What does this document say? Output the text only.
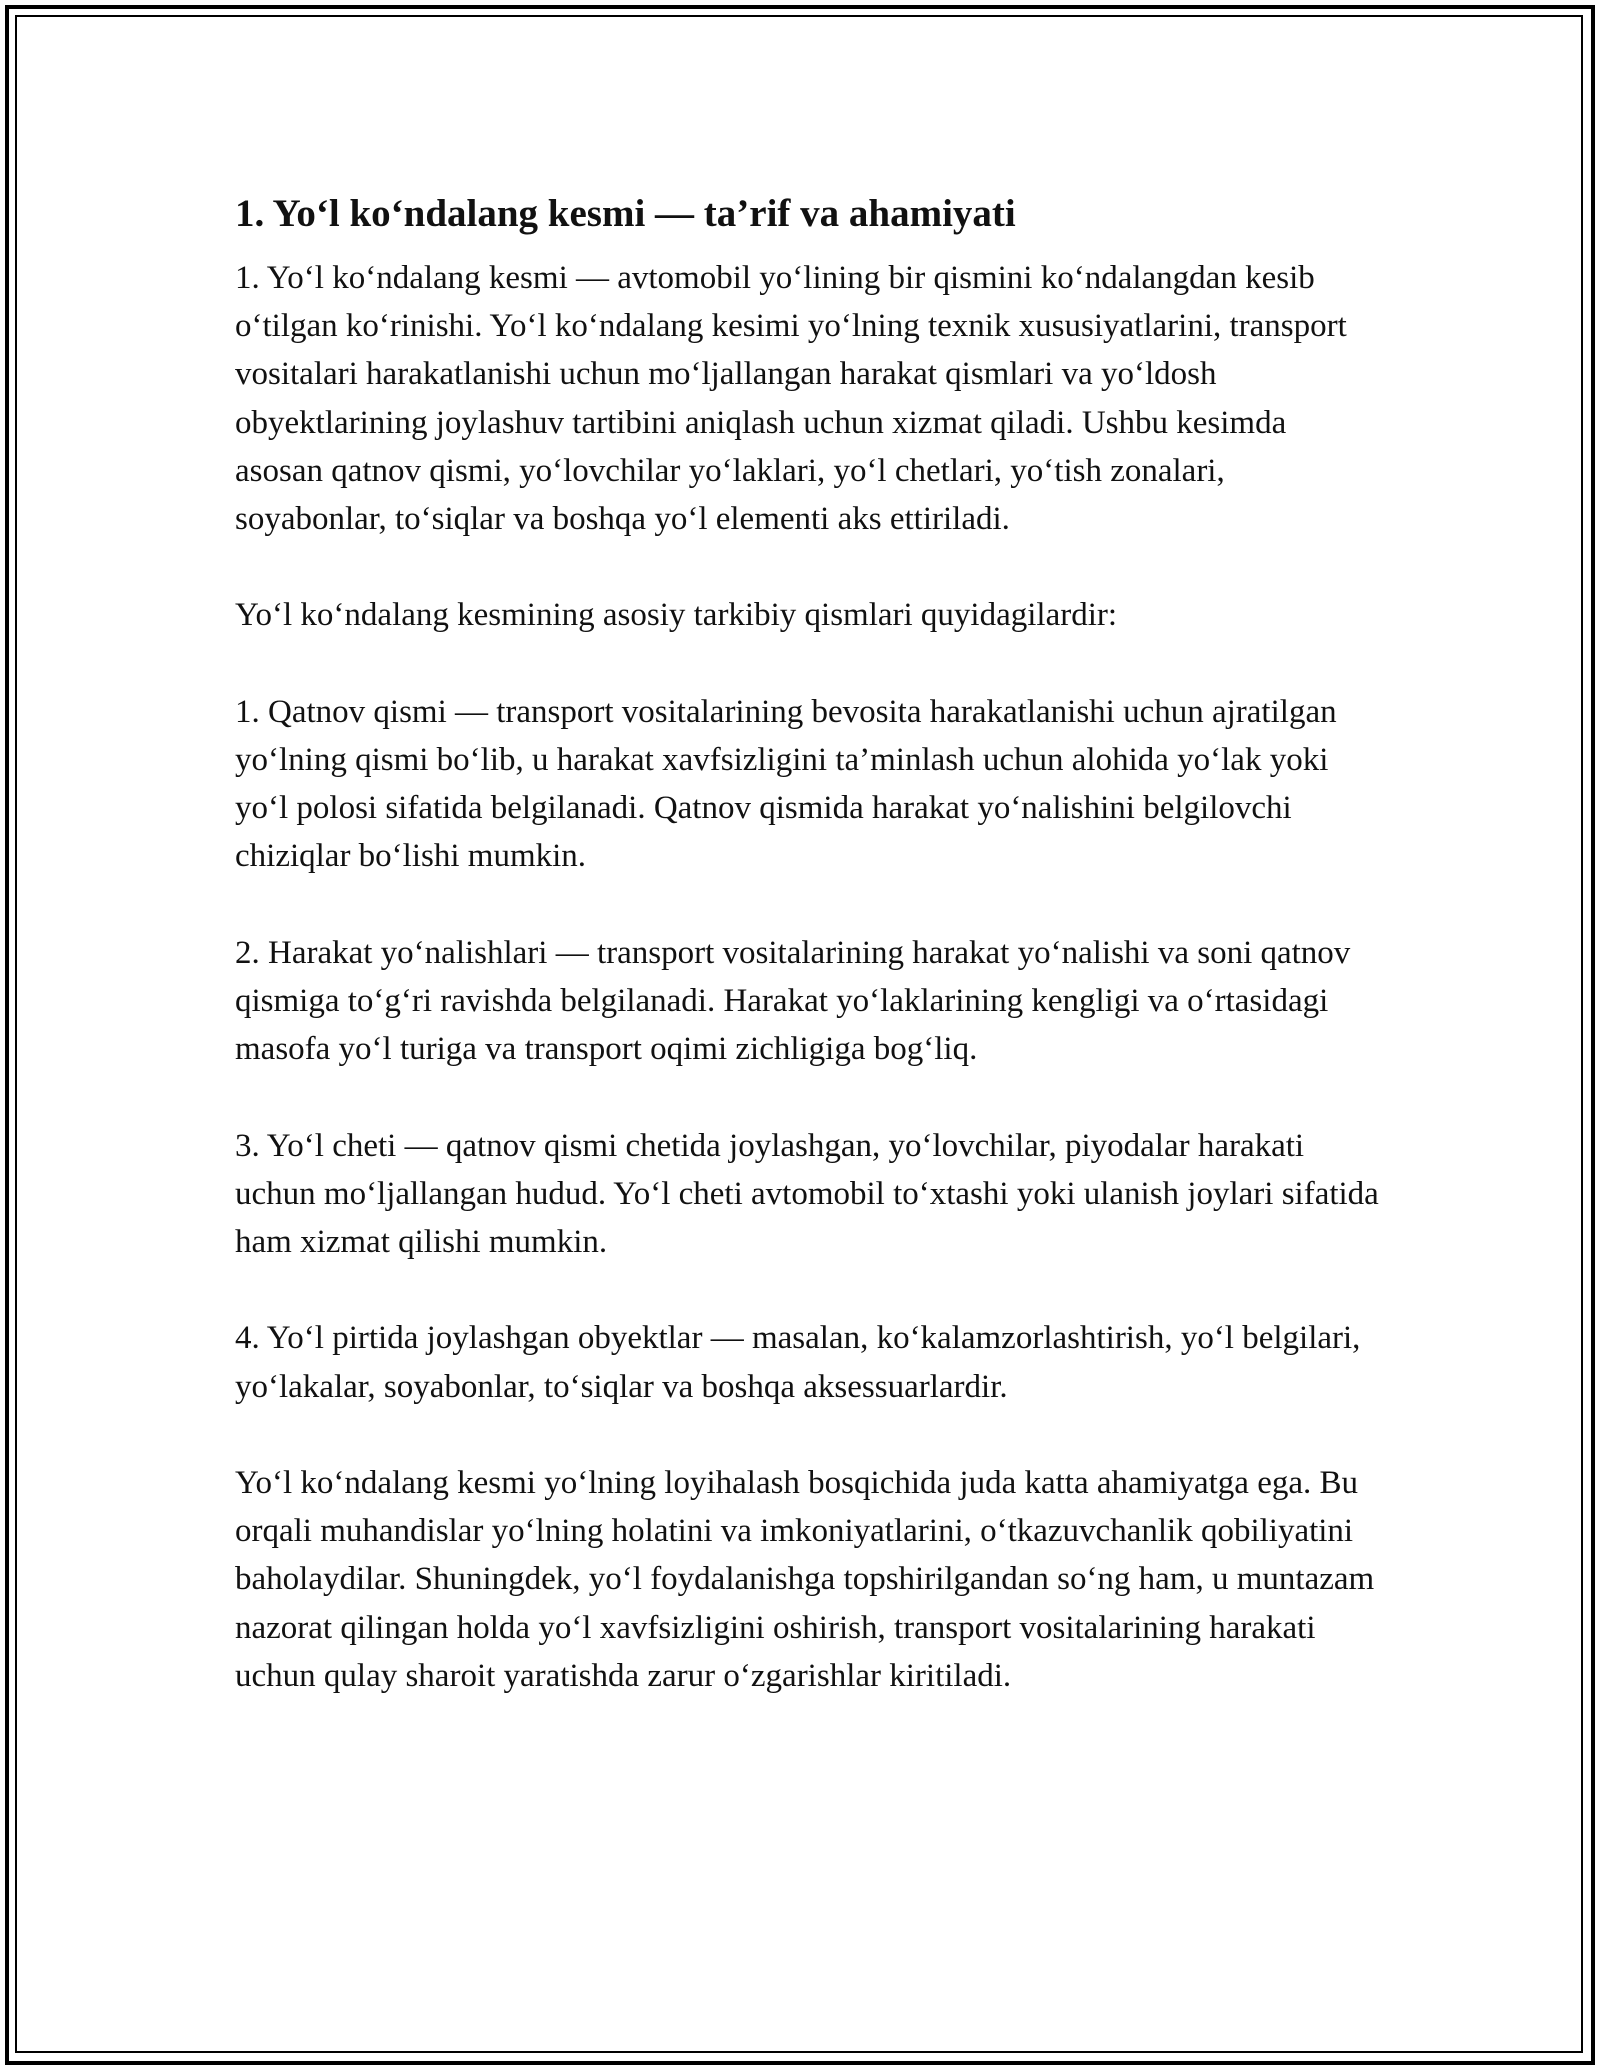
1. Yo‘l ko‘ndalang kesmi — ta’rif va ahamiyati

1. Yo‘l ko‘ndalang kesmi — avtomobil yo‘lining bir qismini ko‘ndalangdan kesib o‘tilgan ko‘rinishi. Yo‘l ko‘ndalang kesimi yo‘lning texnik xususiyatlarini, transport vositalari harakatlanishi uchun mo‘ljallangan harakat qismlari va yo‘ldosh obyektlarining joylashuv tartibini aniqlash uchun xizmat qiladi. Ushbu kesimda asosan qatnov qismi, yo‘lovchilar yo‘laklari, yo‘l chetlari, yo‘tish zonalari, soyabonlar, to‘siqlar va boshqa yo‘l elementi aks ettiriladi.

Yo‘l ko‘ndalang kesmining asosiy tarkibiy qismlari quyidagilardir:

1. Qatnov qismi — transport vositalarining bevosita harakatlanishi uchun ajratilgan yo‘lning qismi bo‘lib, u harakat xavfsizligini ta’minlash uchun alohida yo‘lak yoki yo‘l polosi sifatida belgilanadi. Qatnov qismida harakat yo‘nalishini belgilovchi chiziqlar bo‘lishi mumkin.

2. Harakat yo‘nalishlari — transport vositalarining harakat yo‘nalishi va soni qatnov qismiga to‘g‘ri ravishda belgilanadi. Harakat yo‘laklarining kengligi va o‘rtasidagi masofa yo‘l turiga va transport oqimi zichligiga bog‘liq.

3. Yo‘l cheti — qatnov qismi chetida joylashgan, yo‘lovchilar, piyodalar harakati uchun mo‘ljallangan hudud. Yo‘l cheti avtomobil to‘xtashi yoki ulanish joylari sifatida ham xizmat qilishi mumkin.

4. Yo‘l pirtida joylashgan obyektlar — masalan, ko‘kalamzorlashtirish, yo‘l belgilari, yo‘lakalar, soyabonlar, to‘siqlar va boshqa aksessuarlardir.

Yo‘l ko‘ndalang kesmi yo‘lning loyihalash bosqichida juda katta ahamiyatga ega. Bu orqali muhandislar yo‘lning holatini va imkoniyatlarini, o‘tkazuvchanlik qobiliyatini baholaydilar. Shuningdek, yo‘l foydalanishga topshirilgandan so‘ng ham, u muntazam nazorat qilingan holda yo‘l xavfsizligini oshirish, transport vositalarining harakati uchun qulay sharoit yaratishda zarur o‘zgarishlar kiritiladi.
